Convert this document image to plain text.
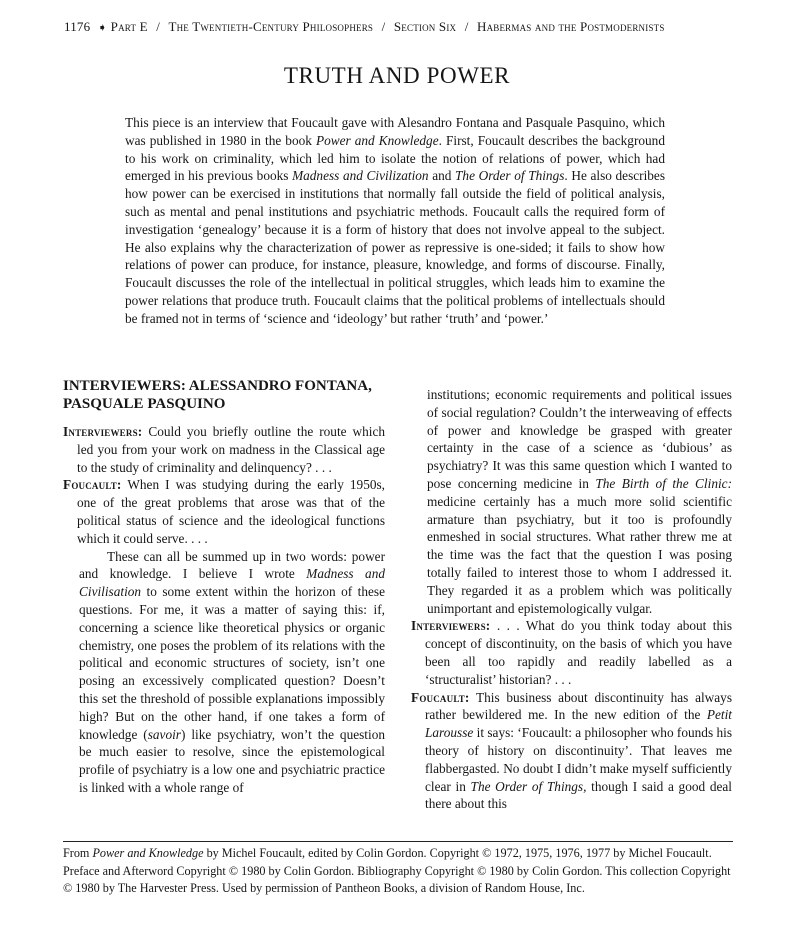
1176 ➧ Part E / The Twentieth-Century Philosophers / Section Six / Habermas and the Postmodernists
TRUTH AND POWER

This piece is an interview that Foucault gave with Alesandro Fontana and Pasquale Pasquino, which was published in 1980 in the book Power and Knowledge. First, Foucault describes the background to his work on criminality, which led him to isolate the notion of relations of power, which had emerged in his previous books Madness and Civilization and The Order of Things. He also describes how power can be exercised in institutions that normally fall outside the field of political analysis, such as mental and penal institutions and psychiatric methods. Foucault calls the required form of investigation ‘genealogy’ because it is a form of history that does not involve appeal to the subject. He also explains why the characterization of power as repressive is one-sided; it fails to show how relations of power can produce, for instance, pleasure, knowledge, and forms of discourse. Finally, Foucault discusses the role of the intellectual in political struggles, which leads him to examine the power relations that produce truth. Foucault claims that the political problems of intellectuals should be framed not in terms of ‘science and ‘ideology’ but rather ‘truth’ and ‘power.’

INTERVIEWERS: ALESSANDRO FONTANA,
PASQUALE PASQUINO

Interviewers: Could you briefly outline the route which led you from your work on madness in the Classical age to the study of criminality and delinquency? . . .

Foucault: When I was studying during the early 1950s, one of the great problems that arose was that of the political status of science and the ideological functions which it could serve. . . .

These can all be summed up in two words: power and knowledge. I believe I wrote Madness and Civilisation to some extent within the horizon of these questions. For me, it was a matter of saying this: if, concerning a science like theoretical physics or organic chemistry, one poses the problem of its relations with the political and economic structures of society, isn’t one posing an excessively complicated question? Doesn’t this set the threshold of possible explanations impossibly high? But on the other hand, if one takes a form of knowledge (savoir) like psychiatry, won’t the question be much easier to resolve, since the epistemological profile of psychiatry is a low one and psychiatric practice is linked with a whole range of

institutions; economic requirements and political issues of social regulation? Couldn’t the interweaving of effects of power and knowledge be grasped with greater certainty in the case of a science as ‘dubious’ as psychiatry? It was this same question which I wanted to pose concerning medicine in The Birth of the Clinic: medicine certainly has a much more solid scientific armature than psychiatry, but it too is profoundly enmeshed in social structures. What rather threw me at the time was the fact that the question I was posing totally failed to interest those to whom I addressed it. They regarded it as a problem which was politically unimportant and epistemologically vulgar.

Interviewers: . . . What do you think today about this concept of discontinuity, on the basis of which you have been all too rapidly and readily labelled as a ‘structuralist’ historian? . . .

Foucault: This business about discontinuity has always rather bewildered me. In the new edition of the Petit Larousse it says: ‘Foucault: a philosopher who founds his theory of history on discontinuity’. That leaves me flabbergasted. No doubt I didn’t make myself sufficiently clear in The Order of Things, though I said a good deal there about this

From Power and Knowledge by Michel Foucault, edited by Colin Gordon. Copyright © 1972, 1975, 1976, 1977 by Michel Foucault. Preface and Afterword Copyright © 1980 by Colin Gordon. Bibliography Copyright © 1980 by Colin Gordon. This collection Copyright © 1980 by The Harvester Press. Used by permission of Pantheon Books, a division of Random House, Inc.
